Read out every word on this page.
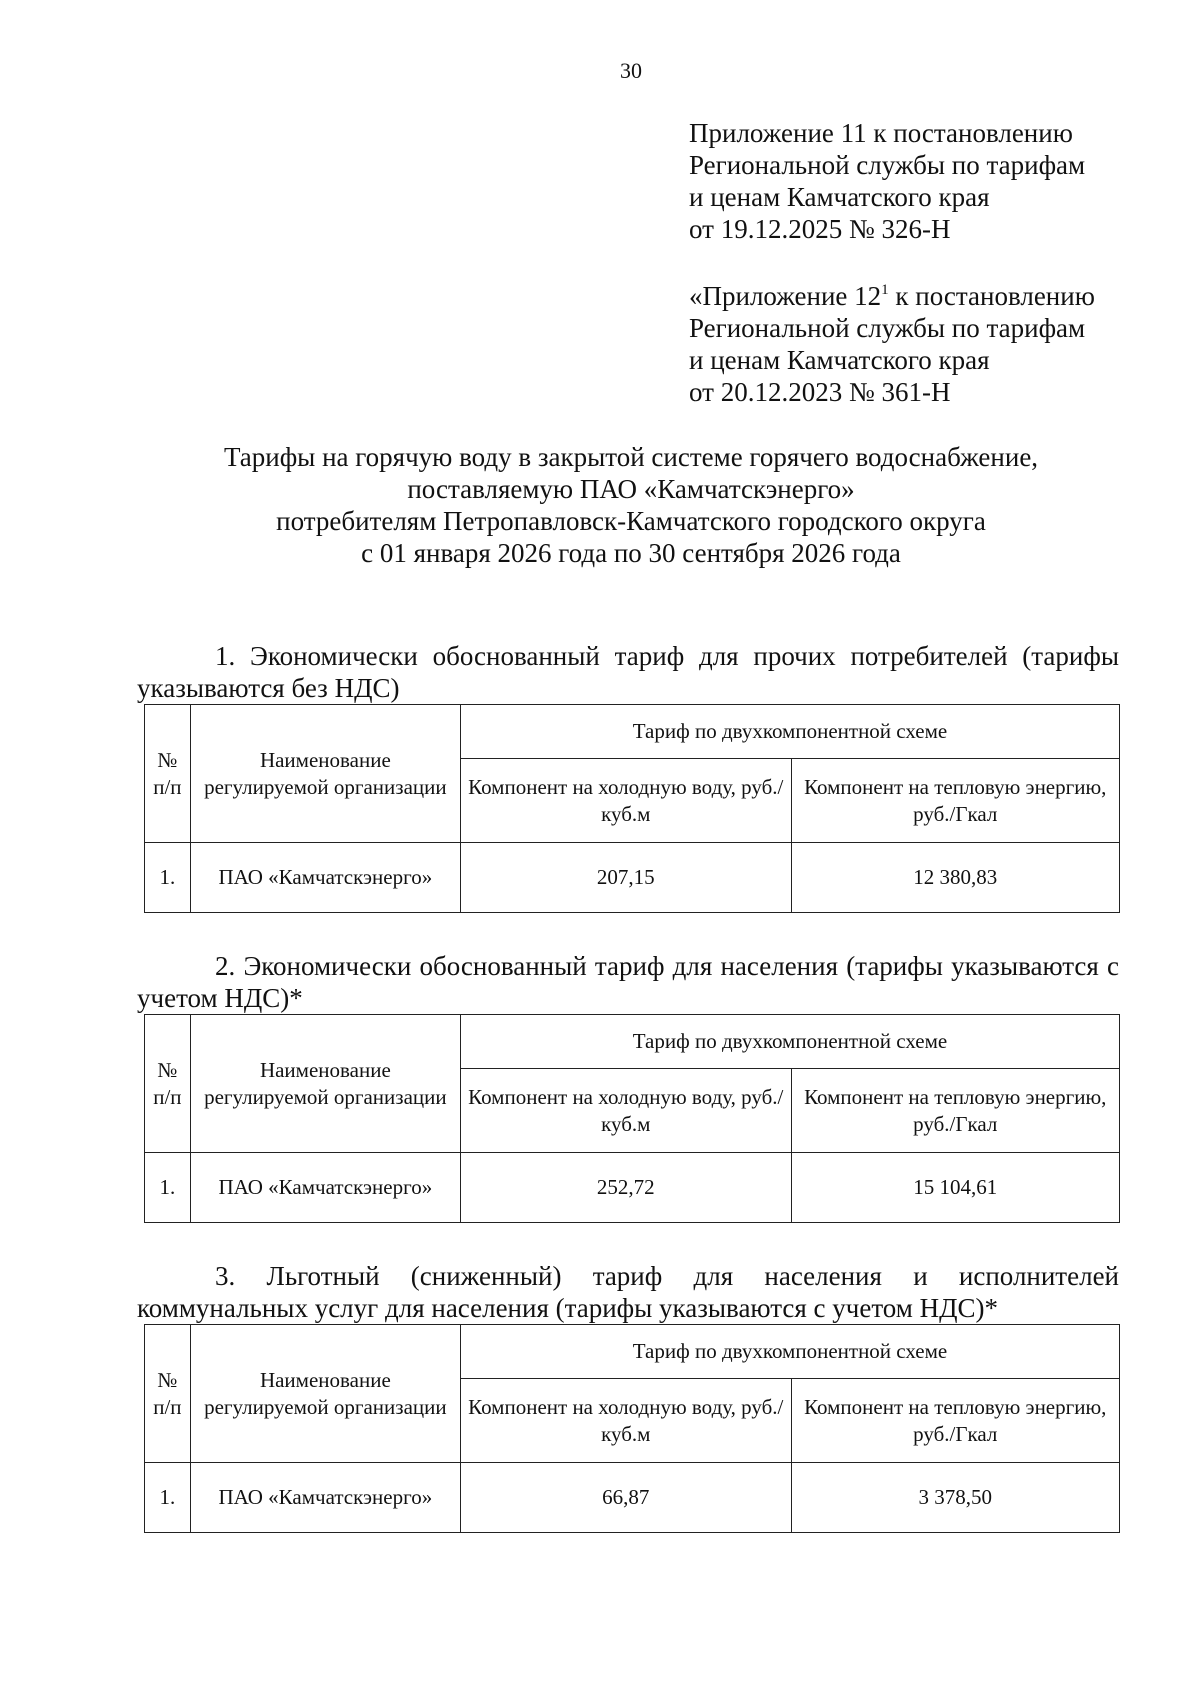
30
Приложение 11 к постановлению
Региональной службы по тарифам
и ценам Камчатского края
от 19.12.2025 № 326-Н
«Приложение $12^1$ к постановлению
Региональной службы по тарифам
и ценам Камчатского края
от 20.12.2023 № 361-Н
Тарифы на горячую воду в закрытой системе горячего водоснабжение,
поставляемую ПАО «Камчатскэнерго»
потребителям Петропавловск-Камчатского городского округа
с 01 января 2026 года по 30 сентября 2026 года

1. Экономически обоснованный тариф для прочих потребителей (тарифы указываются без НДС)

№ п/п	Наименование регулируемой организации	Тариф по двухкомпонентной схеме	
		Компонент на холодную воду, руб./куб.м	Компонент на тепловую энергию, руб./Гкал
1.	ПАО «Камчатскэнерго»	207,15	12 380,83

2. Экономически обоснованный тариф для населения (тарифы указываются с учетом НДС)*

№ п/п	Наименование регулируемой организации	Тариф по двухкомпонентной схеме	
		Компонент на холодную воду, руб./куб.м	Компонент на тепловую энергию, руб./Гкал
1.	ПАО «Камчатскэнерго»	252,72	15 104,61

3. Льготный (сниженный) тариф для населения и исполнителей коммунальных услуг для населения (тарифы указываются с учетом НДС)*

№ п/п	Наименование регулируемой организации	Тариф по двухкомпонентной схеме	
		Компонент на холодную воду, руб./куб.м	Компонент на тепловую энергию, руб./Гкал
1.	ПАО «Камчатскэнерго»	66,87	3 378,50
